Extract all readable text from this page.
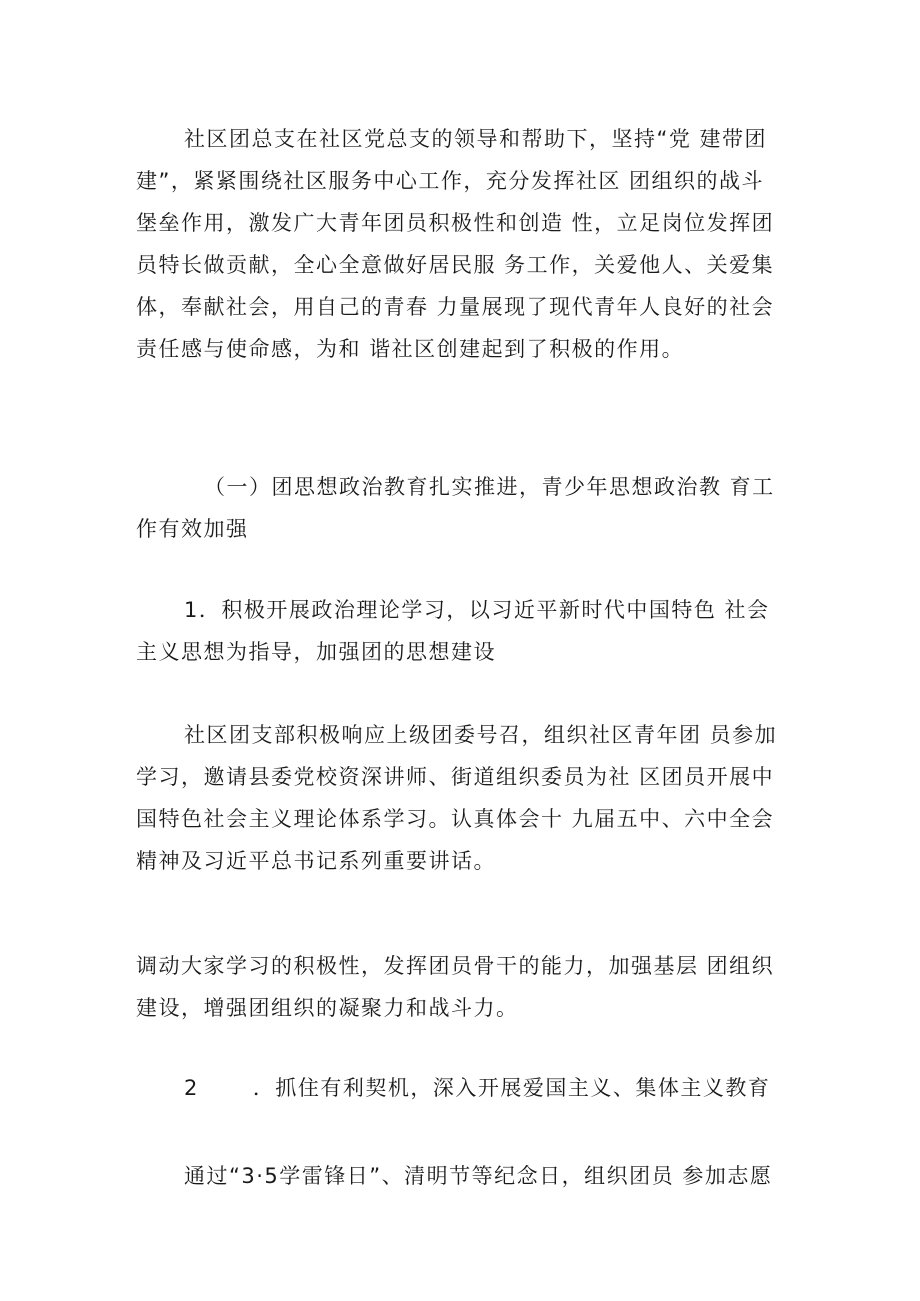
社区团总支在社区党总支的领导和帮助下，坚持“党 建带团
建”，紧紧围绕社区服务中心工作，充分发挥社区 团组织的战斗
堡垒作用，激发广大青年团员积极性和创造 性，立足岗位发挥团
员特长做贡献，全心全意做好居民服 务工作，关爱他人、关爱集
体，奉献社会，用自己的青春 力量展现了现代青年人良好的社会
责任感与使命感，为和 谐社区创建起到了积极的作用。

（一）团思想政治教育扎实推进，青少年思想政治教 育工
作有效加强

1．积极开展政治理论学习，以习近平新时代中国特色 社会
主义思想为指导，加强团的思想建设

社区团支部积极响应上级团委号召，组织社区青年团 员参加
学习，邀请县委党校资深讲师、街道组织委员为社 区团员开展中
国特色社会主义理论体系学习。认真体会十 九届五中、六中全会
精神及习近平总书记系列重要讲话。

调动大家学习的积极性，发挥团员骨干的能力，加强基层 团组织
建设，增强团组织的凝聚力和战斗力。

2	．抓住有利契机，深入开展爱国主义、集体主义教育

通过“3·5学雷锋日”、清明节等纪念日，组织团员 参加志愿
